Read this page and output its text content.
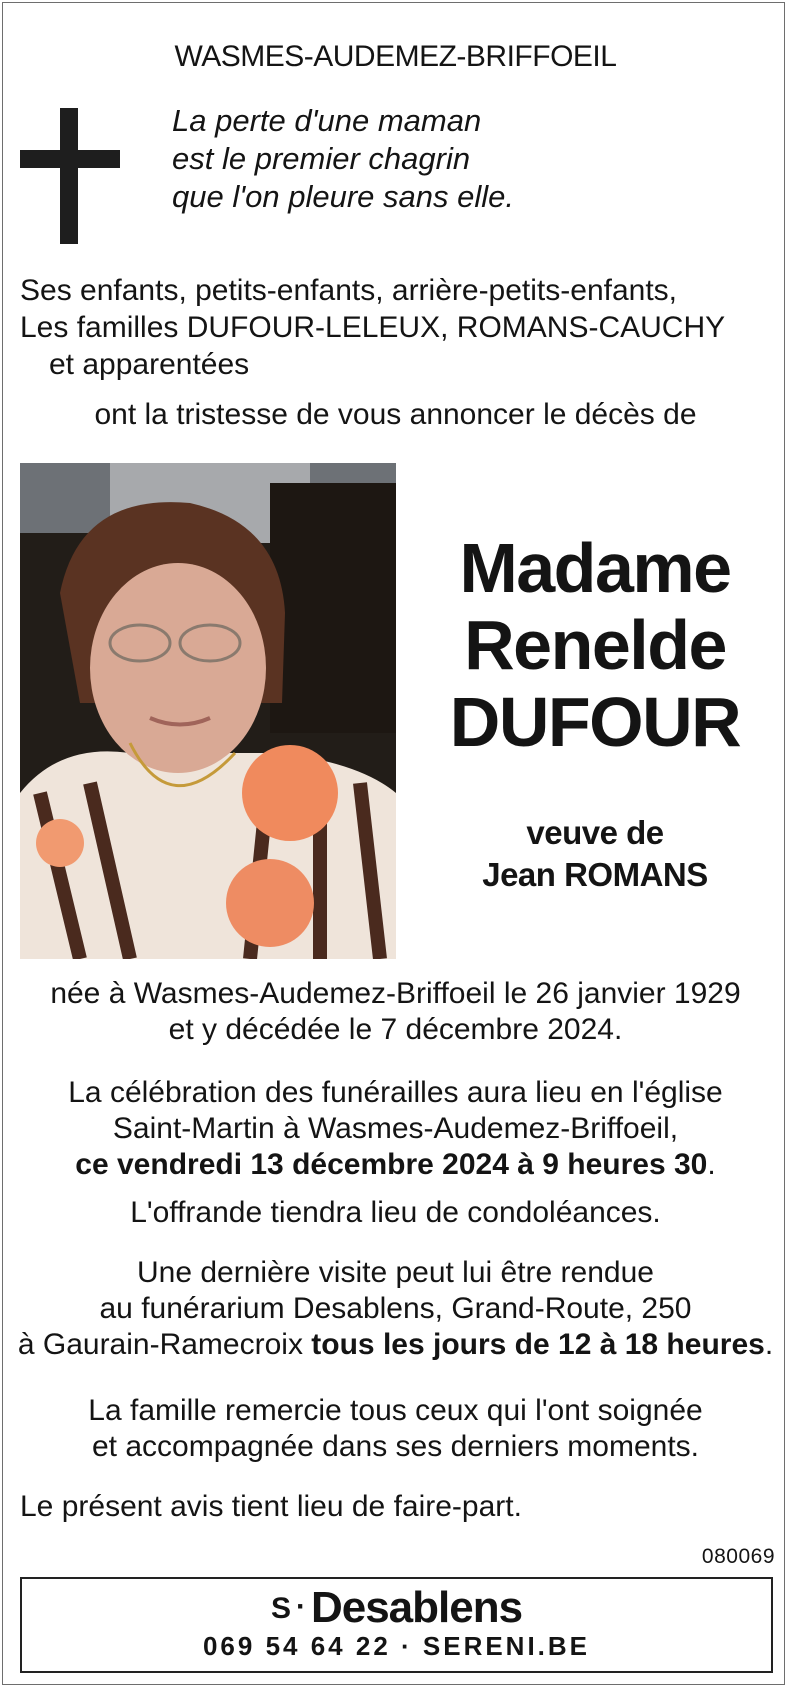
WASMES-AUDEMEZ-BRIFFOEIL
La perte d'une maman
est le premier chagrin
que l'on pleure sans elle.
Ses enfants, petits-enfants, arrière-petits-enfants,
Les familles DUFOUR-LELEUX, ROMANS-CAUCHY
et apparentées
ont la tristesse de vous annoncer le décès de
Madame
Renelde
DUFOUR
veuve de
Jean ROMANS
née à Wasmes-Audemez-Briffoeil le 26 janvier 1929
et y décédée le 7 décembre 2024.
La célébration des funérailles aura lieu en l'église
Saint-Martin à Wasmes-Audemez-Briffoeil,
ce vendredi 13 décembre 2024 à 9 heures 30.
L'offrande tiendra lieu de condoléances.
Une dernière visite peut lui être rendue
au funérarium Desablens, Grand-Route, 250
à Gaurain-Ramecroix tous les jours de 12 à 18 heures.
La famille remercie tous ceux qui l'ont soignée
et accompagnée dans ses derniers moments.
Le présent avis tient lieu de faire-part.
080069
S · Desablens
069 54 64 22 · SERENI.BE
